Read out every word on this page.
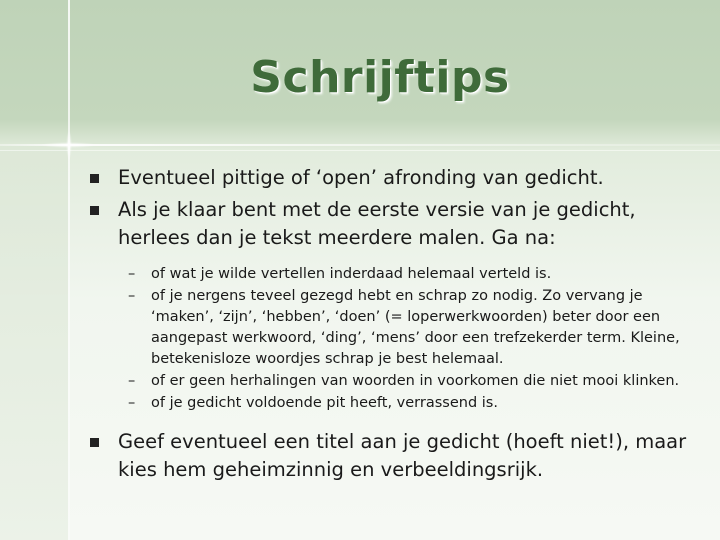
Schrijftips
Eventueel pittige of ‘open’ afronding van gedicht.
Als je klaar bent met de eerste versie van je gedicht, herlees dan je tekst meerdere malen. Ga na:
– of wat je wilde vertellen inderdaad helemaal verteld is.
– of je nergens teveel gezegd hebt en schrap zo nodig. Zo vervang je ‘maken’, ‘zijn’, ‘hebben’, ‘doen’ (= loperwerkwoorden) beter door een aangepast werkwoord, ‘ding’, ‘mens’ door een trefzekerder term. Kleine, betekenisloze woordjes schrap je best helemaal.
– of er geen herhalingen van woorden in voorkomen die niet mooi klinken.
– of je gedicht voldoende pit heeft, verrassend is.
Geef eventueel een titel aan je gedicht (hoeft niet!), maar kies hem geheimzinnig en verbeeldingsrijk.
